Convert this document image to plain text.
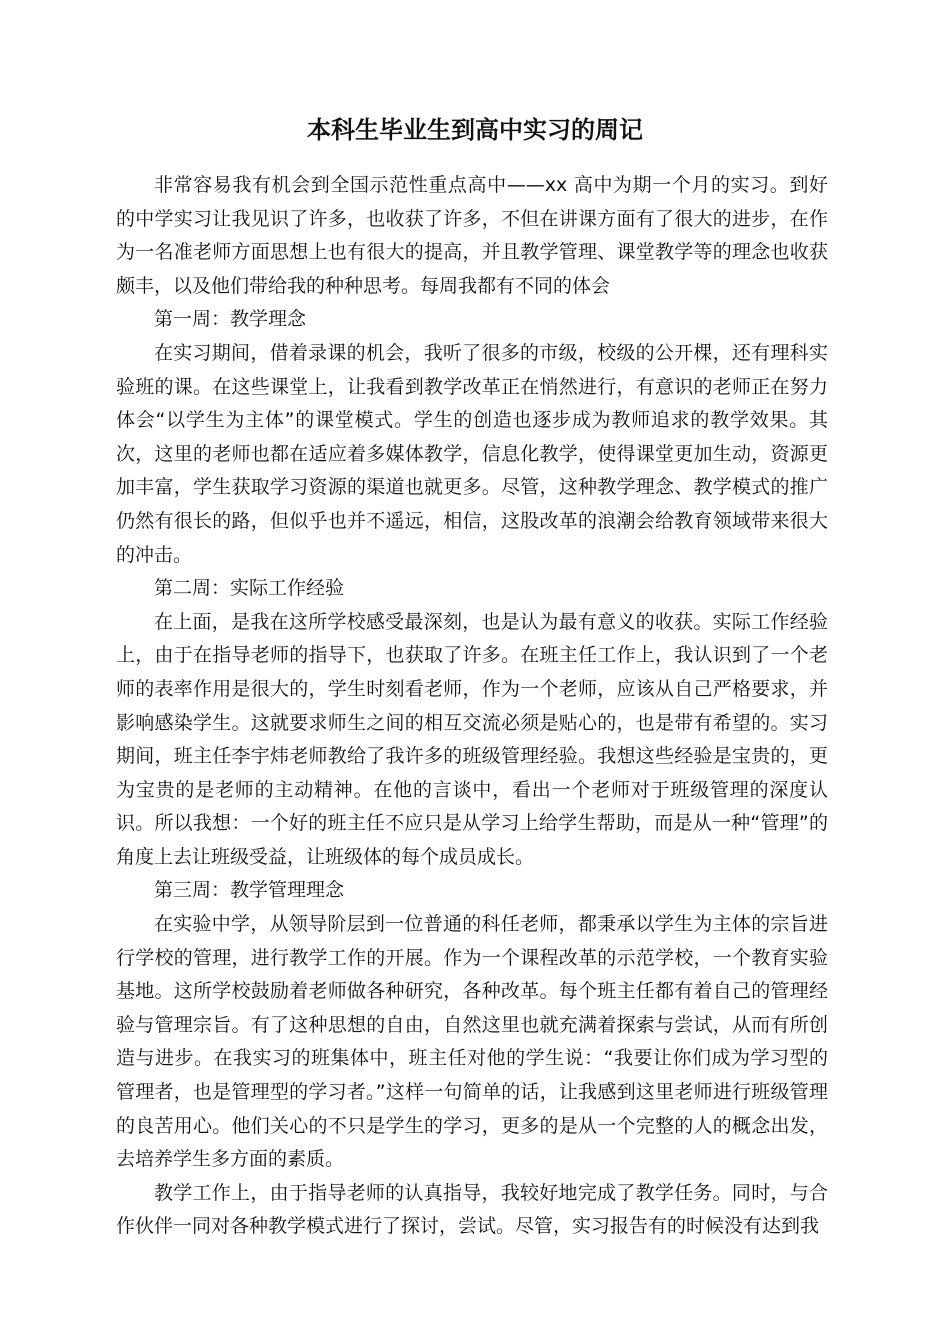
本科生毕业生到高中实习的周记

非常容易我有机会到全国示范性重点高中——xx 高中为期一个月的实习。到好的中学实习让我见识了许多，也收获了许多，不但在讲课方面有了很大的进步，在作为一名准老师方面思想上也有很大的提高，并且教学管理、课堂教学等的理念也收获颇丰，以及他们带给我的种种思考。每周我都有不同的体会

第一周：教学理念

在实习期间，借着录课的机会，我听了很多的市级，校级的公开棵，还有理科实验班的课。在这些课堂上，让我看到教学改革正在悄然进行，有意识的老师正在努力体会“以学生为主体”的课堂模式。学生的创造也逐步成为教师追求的教学效果。其次，这里的老师也都在适应着多媒体教学，信息化教学，使得课堂更加生动，资源更加丰富，学生获取学习资源的渠道也就更多。尽管，这种教学理念、教学模式的推广仍然有很长的路，但似乎也并不遥远，相信，这股改革的浪潮会给教育领域带来很大的冲击。

第二周：实际工作经验

在上面，是我在这所学校感受最深刻，也是认为最有意义的收获。实际工作经验上，由于在指导老师的指导下，也获取了许多。在班主任工作上，我认识到了一个老师的表率作用是很大的，学生时刻看老师，作为一个老师，应该从自己严格要求，并影响感染学生。这就要求师生之间的相互交流必须是贴心的，也是带有希望的。实习期间，班主任李宇炜老师教给了我许多的班级管理经验。我想这些经验是宝贵的，更为宝贵的是老师的主动精神。在他的言谈中，看出一个老师对于班级管理的深度认识。所以我想：一个好的班主任不应只是从学习上给学生帮助，而是从一种“管理”的角度上去让班级受益，让班级体的每个成员成长。

第三周：教学管理理念

在实验中学，从领导阶层到一位普通的科任老师，都秉承以学生为主体的宗旨进行学校的管理，进行教学工作的开展。作为一个课程改革的示范学校，一个教育实验基地。这所学校鼓励着老师做各种研究，各种改革。每个班主任都有着自己的管理经验与管理宗旨。有了这种思想的自由，自然这里也就充满着探索与尝试，从而有所创造与进步。在我实习的班集体中，班主任对他的学生说：“我要让你们成为学习型的管理者，也是管理型的学习者。”这样一句简单的话，让我感到这里老师进行班级管理的良苦用心。他们关心的不只是学生的学习，更多的是从一个完整的人的概念出发，去培养学生多方面的素质。

教学工作上，由于指导老师的认真指导，我较好地完成了教学任务。同时，与合作伙伴一同对各种教学模式进行了探讨，尝试。尽管，实习报告有的时候没有达到我
